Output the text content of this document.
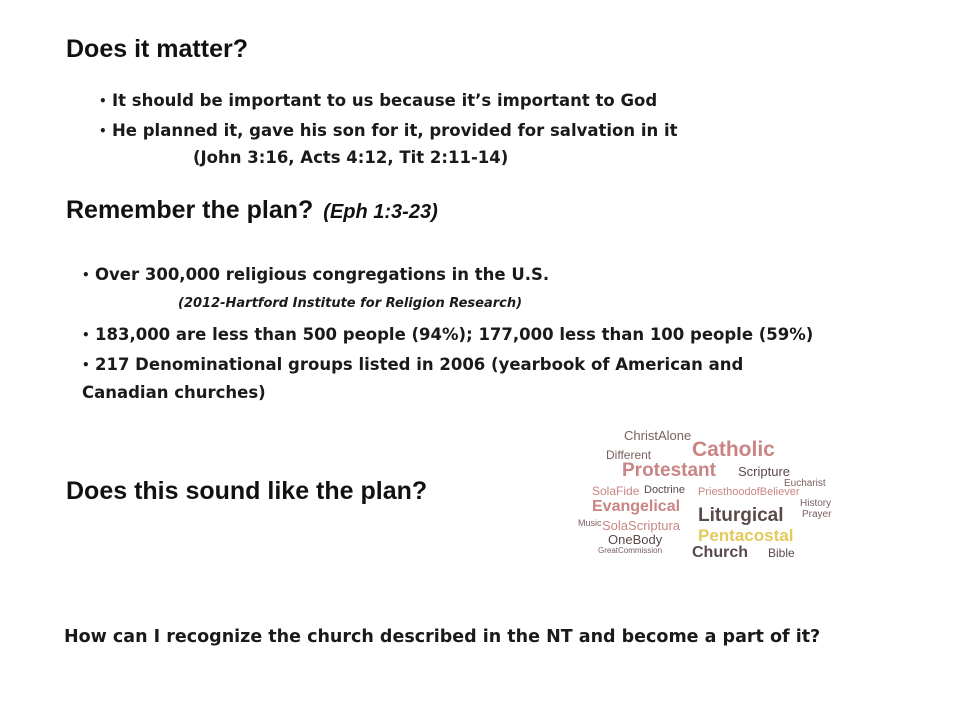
Does it matter?
• It should be important to us because it’s important to God
• He planned it, gave his son for it, provided for salvation in it
(John 3:16, Acts 4:12, Tit 2:11-14)
Remember the plan? (Eph 1:3-23)
• Over 300,000 religious congregations in the U.S.
(2012-Hartford Institute for Religion Research)
• 183,000 are less than 500 people (94%); 177,000 less than 100 people (59%)
• 217 Denominational groups listed in 2006 (yearbook of American and
Canadian churches)
Does this sound like the plan?
ChristAlone
Catholic
Different
Protestant Scripture
Eucharist
SolaFide Doctrine PriesthoodofBeliever
Evangelical	History
Prayer
Liturgical
Music SolaScriptura
Pentacostal
OneBody
Church Bible
GreatCommission
How can I recognize the church described in the NT and become a part of it?
